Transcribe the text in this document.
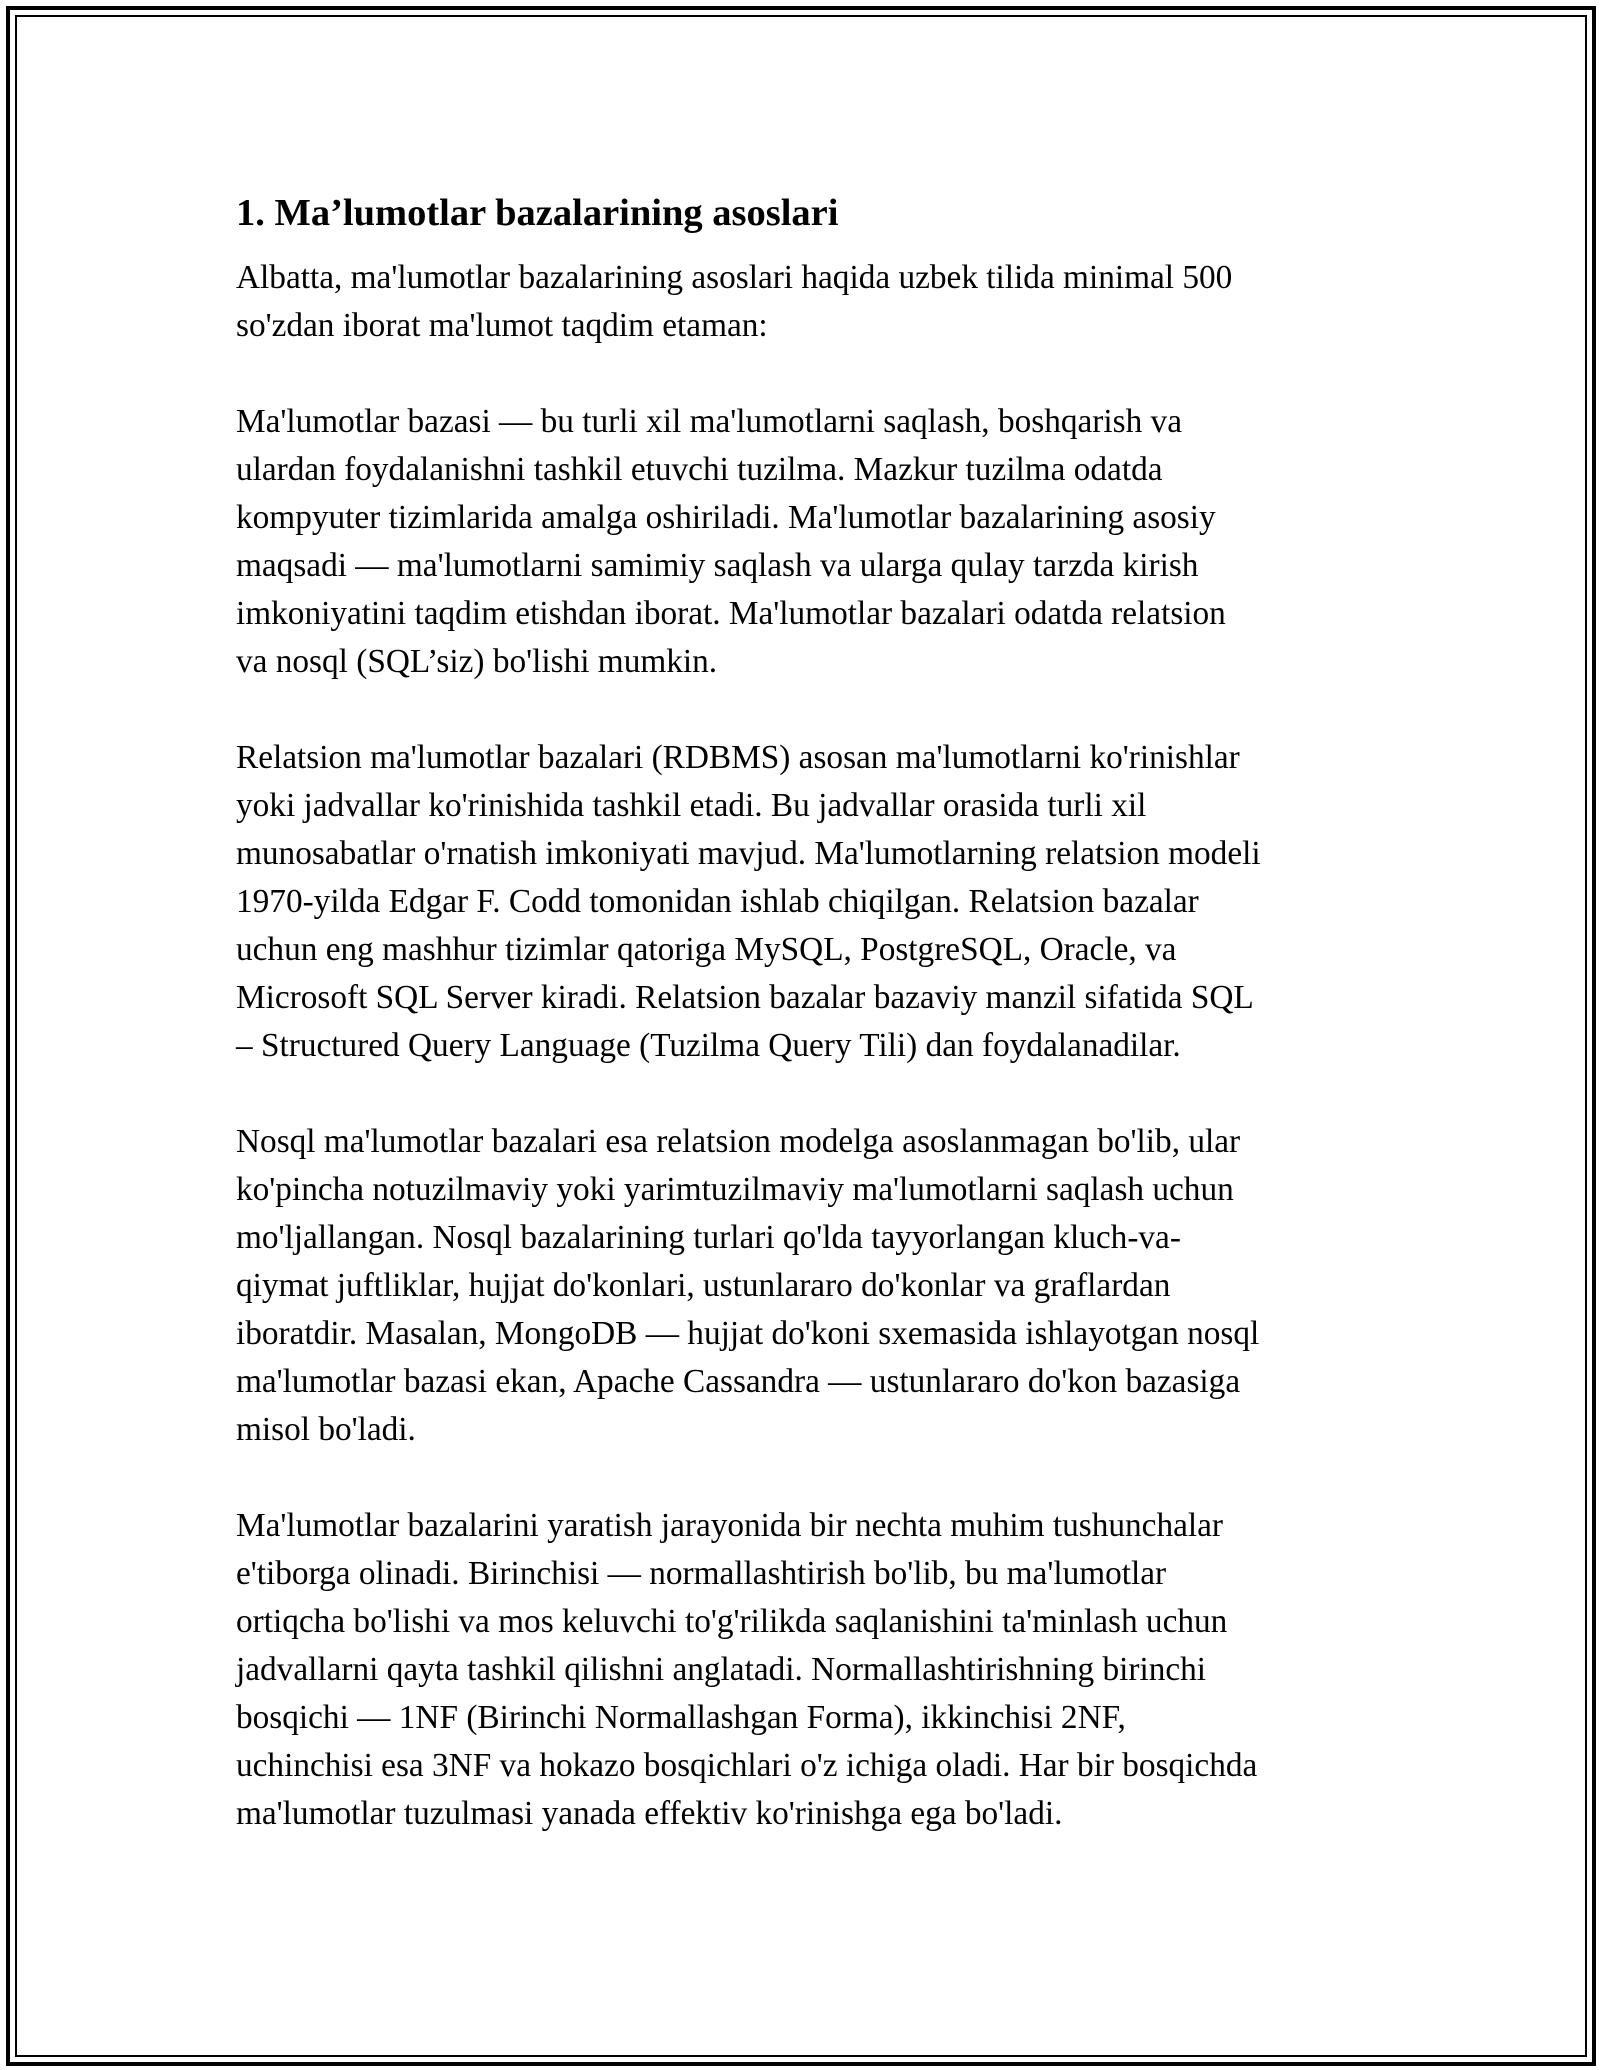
1. Ma’lumotlar bazalarining asoslari

Albatta, ma'lumotlar bazalarining asoslari haqida uzbek tilida minimal 500
so'zdan iborat ma'lumot taqdim etaman:

Ma'lumotlar bazasi — bu turli xil ma'lumotlarni saqlash, boshqarish va
ulardan foydalanishni tashkil etuvchi tuzilma. Mazkur tuzilma odatda
kompyuter tizimlarida amalga oshiriladi. Ma'lumotlar bazalarining asosiy
maqsadi — ma'lumotlarni samimiy saqlash va ularga qulay tarzda kirish
imkoniyatini taqdim etishdan iborat. Ma'lumotlar bazalari odatda relatsion
va nosql (SQL’siz) bo'lishi mumkin.

Relatsion ma'lumotlar bazalari (RDBMS) asosan ma'lumotlarni ko'rinishlar
yoki jadvallar ko'rinishida tashkil etadi. Bu jadvallar orasida turli xil
munosabatlar o'rnatish imkoniyati mavjud. Ma'lumotlarning relatsion modeli
1970-yilda Edgar F. Codd tomonidan ishlab chiqilgan. Relatsion bazalar
uchun eng mashhur tizimlar qatoriga MySQL, PostgreSQL, Oracle, va
Microsoft SQL Server kiradi. Relatsion bazalar bazaviy manzil sifatida SQL
– Structured Query Language (Tuzilma Query Tili) dan foydalanadilar.

Nosql ma'lumotlar bazalari esa relatsion modelga asoslanmagan bo'lib, ular
ko'pincha notuzilmaviy yoki yarimtuzilmaviy ma'lumotlarni saqlash uchun
mo'ljallangan. Nosql bazalarining turlari qo'lda tayyorlangan kluch-va-
qiymat juftliklar, hujjat do'konlari, ustunlararo do'konlar va graflardan
iboratdir. Masalan, MongoDB — hujjat do'koni sxemasida ishlayotgan nosql
ma'lumotlar bazasi ekan, Apache Cassandra — ustunlararo do'kon bazasiga
misol bo'ladi.

Ma'lumotlar bazalarini yaratish jarayonida bir nechta muhim tushunchalar
e'tiborga olinadi. Birinchisi — normallashtirish bo'lib, bu ma'lumotlar
ortiqcha bo'lishi va mos keluvchi to'g'rilikda saqlanishini ta'minlash uchun
jadvallarni qayta tashkil qilishni anglatadi. Normallashtirishning birinchi
bosqichi — 1NF (Birinchi Normallashgan Forma), ikkinchisi 2NF,
uchinchisi esa 3NF va hokazo bosqichlari o'z ichiga oladi. Har bir bosqichda
ma'lumotlar tuzulmasi yanada effektiv ko'rinishga ega bo'ladi.
